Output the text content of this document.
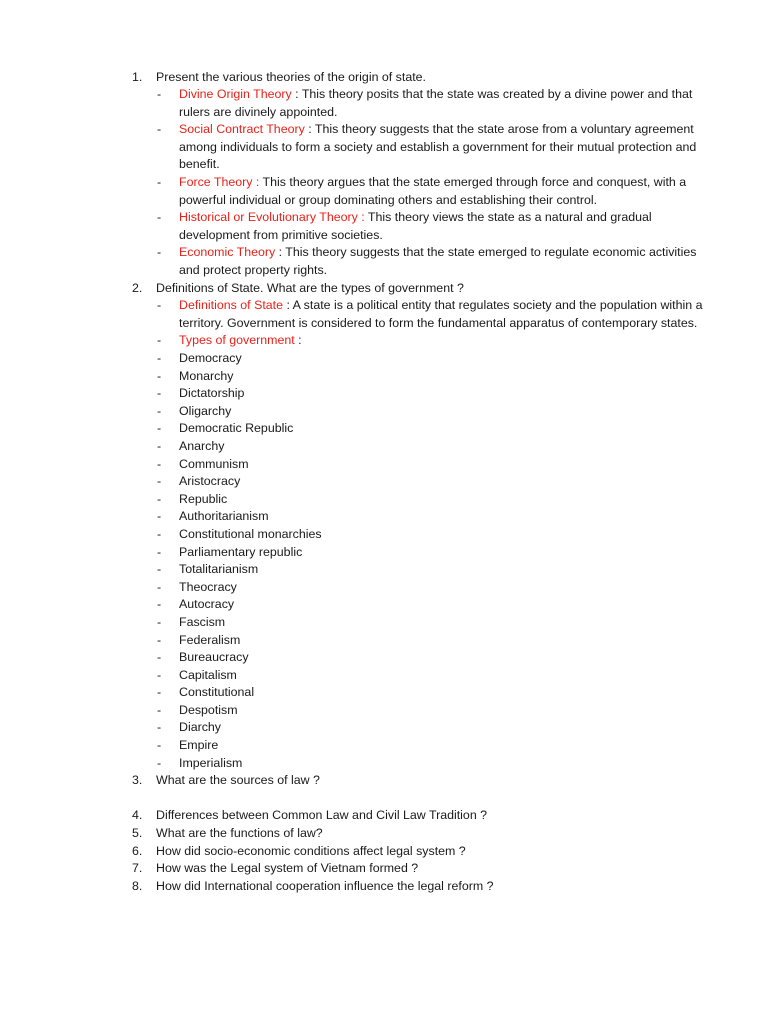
1.	Present the various theories of the origin of state.
-	Divine Origin Theory : This theory posits that the state was created by a divine power and that rulers are divinely appointed.
-	Social Contract Theory : This theory suggests that the state arose from a voluntary agreement among individuals to form a society and establish a government for their mutual protection and benefit.
-	Force Theory : This theory argues that the state emerged through force and conquest, with a powerful individual or group dominating others and establishing their control.
-	Historical or Evolutionary Theory : This theory views the state as a natural and gradual development from primitive societies.
-	Economic Theory : This theory suggests that the state emerged to regulate economic activities and protect property rights.
2.	Definitions of State. What are the types of government ?
-	Definitions of State : A state is a political entity that regulates society and the population within a territory. Government is considered to form the fundamental apparatus of contemporary states.
-	Types of government :
-	Democracy
-	Monarchy
-	Dictatorship
-	Oligarchy
-	Democratic Republic
-	Anarchy
-	Communism
-	Aristocracy
-	Republic
-	Authoritarianism
-	Constitutional monarchies
-	Parliamentary republic
-	Totalitarianism
-	Theocracy
-	Autocracy
-	Fascism
-	Federalism
-	Bureaucracy
-	Capitalism
-	Constitutional
-	Despotism
-	Diarchy
-	Empire
-	Imperialism
3.	What are the sources of law ?
4.	Differences between Common Law and Civil Law Tradition ?
5.	What are the functions of law?
6.	How did socio-economic conditions affect legal system ?
7.	How was the Legal system of Vietnam formed ?
8.	How did International cooperation influence the legal reform ?
